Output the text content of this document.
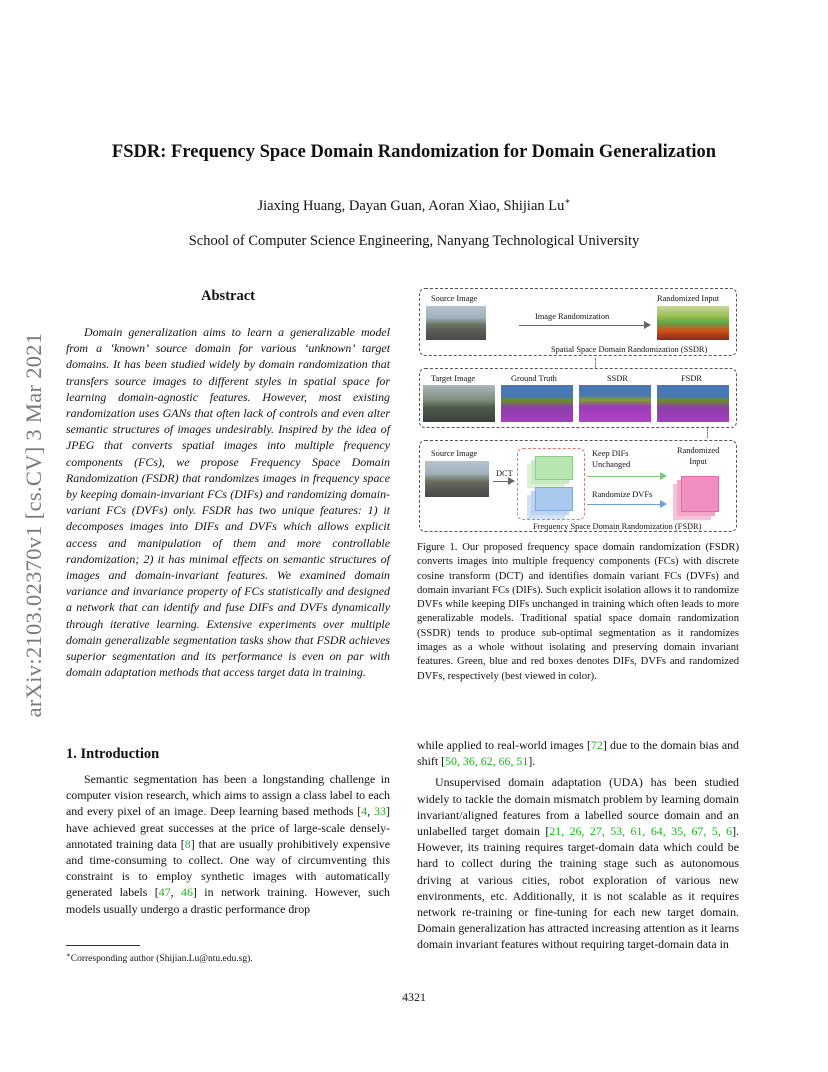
arXiv:2103.02370v1 [cs.CV] 3 Mar 2021
FSDR: Frequency Space Domain Randomization for Domain Generalization
Jiaxing Huang, Dayan Guan, Aoran Xiao, Shijian Lu∗
School of Computer Science Engineering, Nanyang Technological University
Abstract
Domain generalization aims to learn a generalizable model from a ‘known’ source domain for various ‘unknown’ target domains. It has been studied widely by domain randomization that transfers source images to different styles in spatial space for learning domain-agnostic features. However, most existing randomization uses GANs that often lack of controls and even alter semantic structures of images undesirably. Inspired by the idea of JPEG that converts spatial images into multiple frequency components (FCs), we propose Frequency Space Domain Randomization (FSDR) that randomizes images in frequency space by keeping domain-invariant FCs (DIFs) and randomizing domain-variant FCs (DVFs) only. FSDR has two unique features: 1) it decomposes images into DIFs and DVFs which allows explicit access and manipulation of them and more controllable randomization; 2) it has minimal effects on semantic structures of images and domain-invariant features. We examined domain variance and invariance property of FCs statistically and designed a network that can identify and fuse DIFs and DVFs dynamically through iterative learning. Extensive experiments over multiple domain generalizable segmentation tasks show that FSDR achieves superior segmentation and its performance is even on par with domain adaptation methods that access target data in training.
1. Introduction
Semantic segmentation has been a longstanding challenge in computer vision research, which aims to assign a class label to each and every pixel of an image. Deep learning based methods [4, 33] have achieved great successes at the price of large-scale densely-annotated training data [8] that are usually prohibitively expensive and time-consuming to collect. One way of circumventing this constraint is to employ synthetic images with automatically generated labels [47, 46] in network training. However, such models usually undergo a drastic performance drop
∗Corresponding author (Shijian.Lu@ntu.edu.sg).
4321
Source Image
Image Randomization
Randomized Input
Spatial Space Domain Randomization (SSDR)
Target Image	Ground Truth	SSDR	FSDR
Source Image
DCT
Keep DIFs
Unchanged
Randomize DVFs
Randomized
Input
Frequency Space Domain Randomization (FSDR)
Figure 1. Our proposed frequency space domain randomization (FSDR) converts images into multiple frequency components (FCs) with discrete cosine transform (DCT) and identifies domain variant FCs (DVFs) and domain invariant FCs (DIFs). Such explicit isolation allows it to randomize DVFs while keeping DIFs unchanged in training which often leads to more generalizable models. Traditional spatial space domain randomization (SSDR) tends to produce sub-optimal segmentation as it randomizes images as a whole without isolating and preserving domain invariant features. Green, blue and red boxes denotes DIFs, DVFs and randomized DVFs, respectively (best viewed in color).

while applied to real-world images [72] due to the domain bias and shift [50, 36, 62, 66, 51].

Unsupervised domain adaptation (UDA) has been studied widely to tackle the domain mismatch problem by learning domain invariant/aligned features from a labelled source domain and an unlabelled target domain [21, 26, 27, 53, 61, 64, 35, 67, 5, 6]. However, its training requires target-domain data which could be hard to collect during the training stage such as autonomous driving at various cities, robot exploration of various new environments, etc. Additionally, it is not scalable as it requires network re-training or fine-tuning for each new target domain. Domain generalization has attracted increasing attention as it learns domain invariant features without requiring target-domain data in
